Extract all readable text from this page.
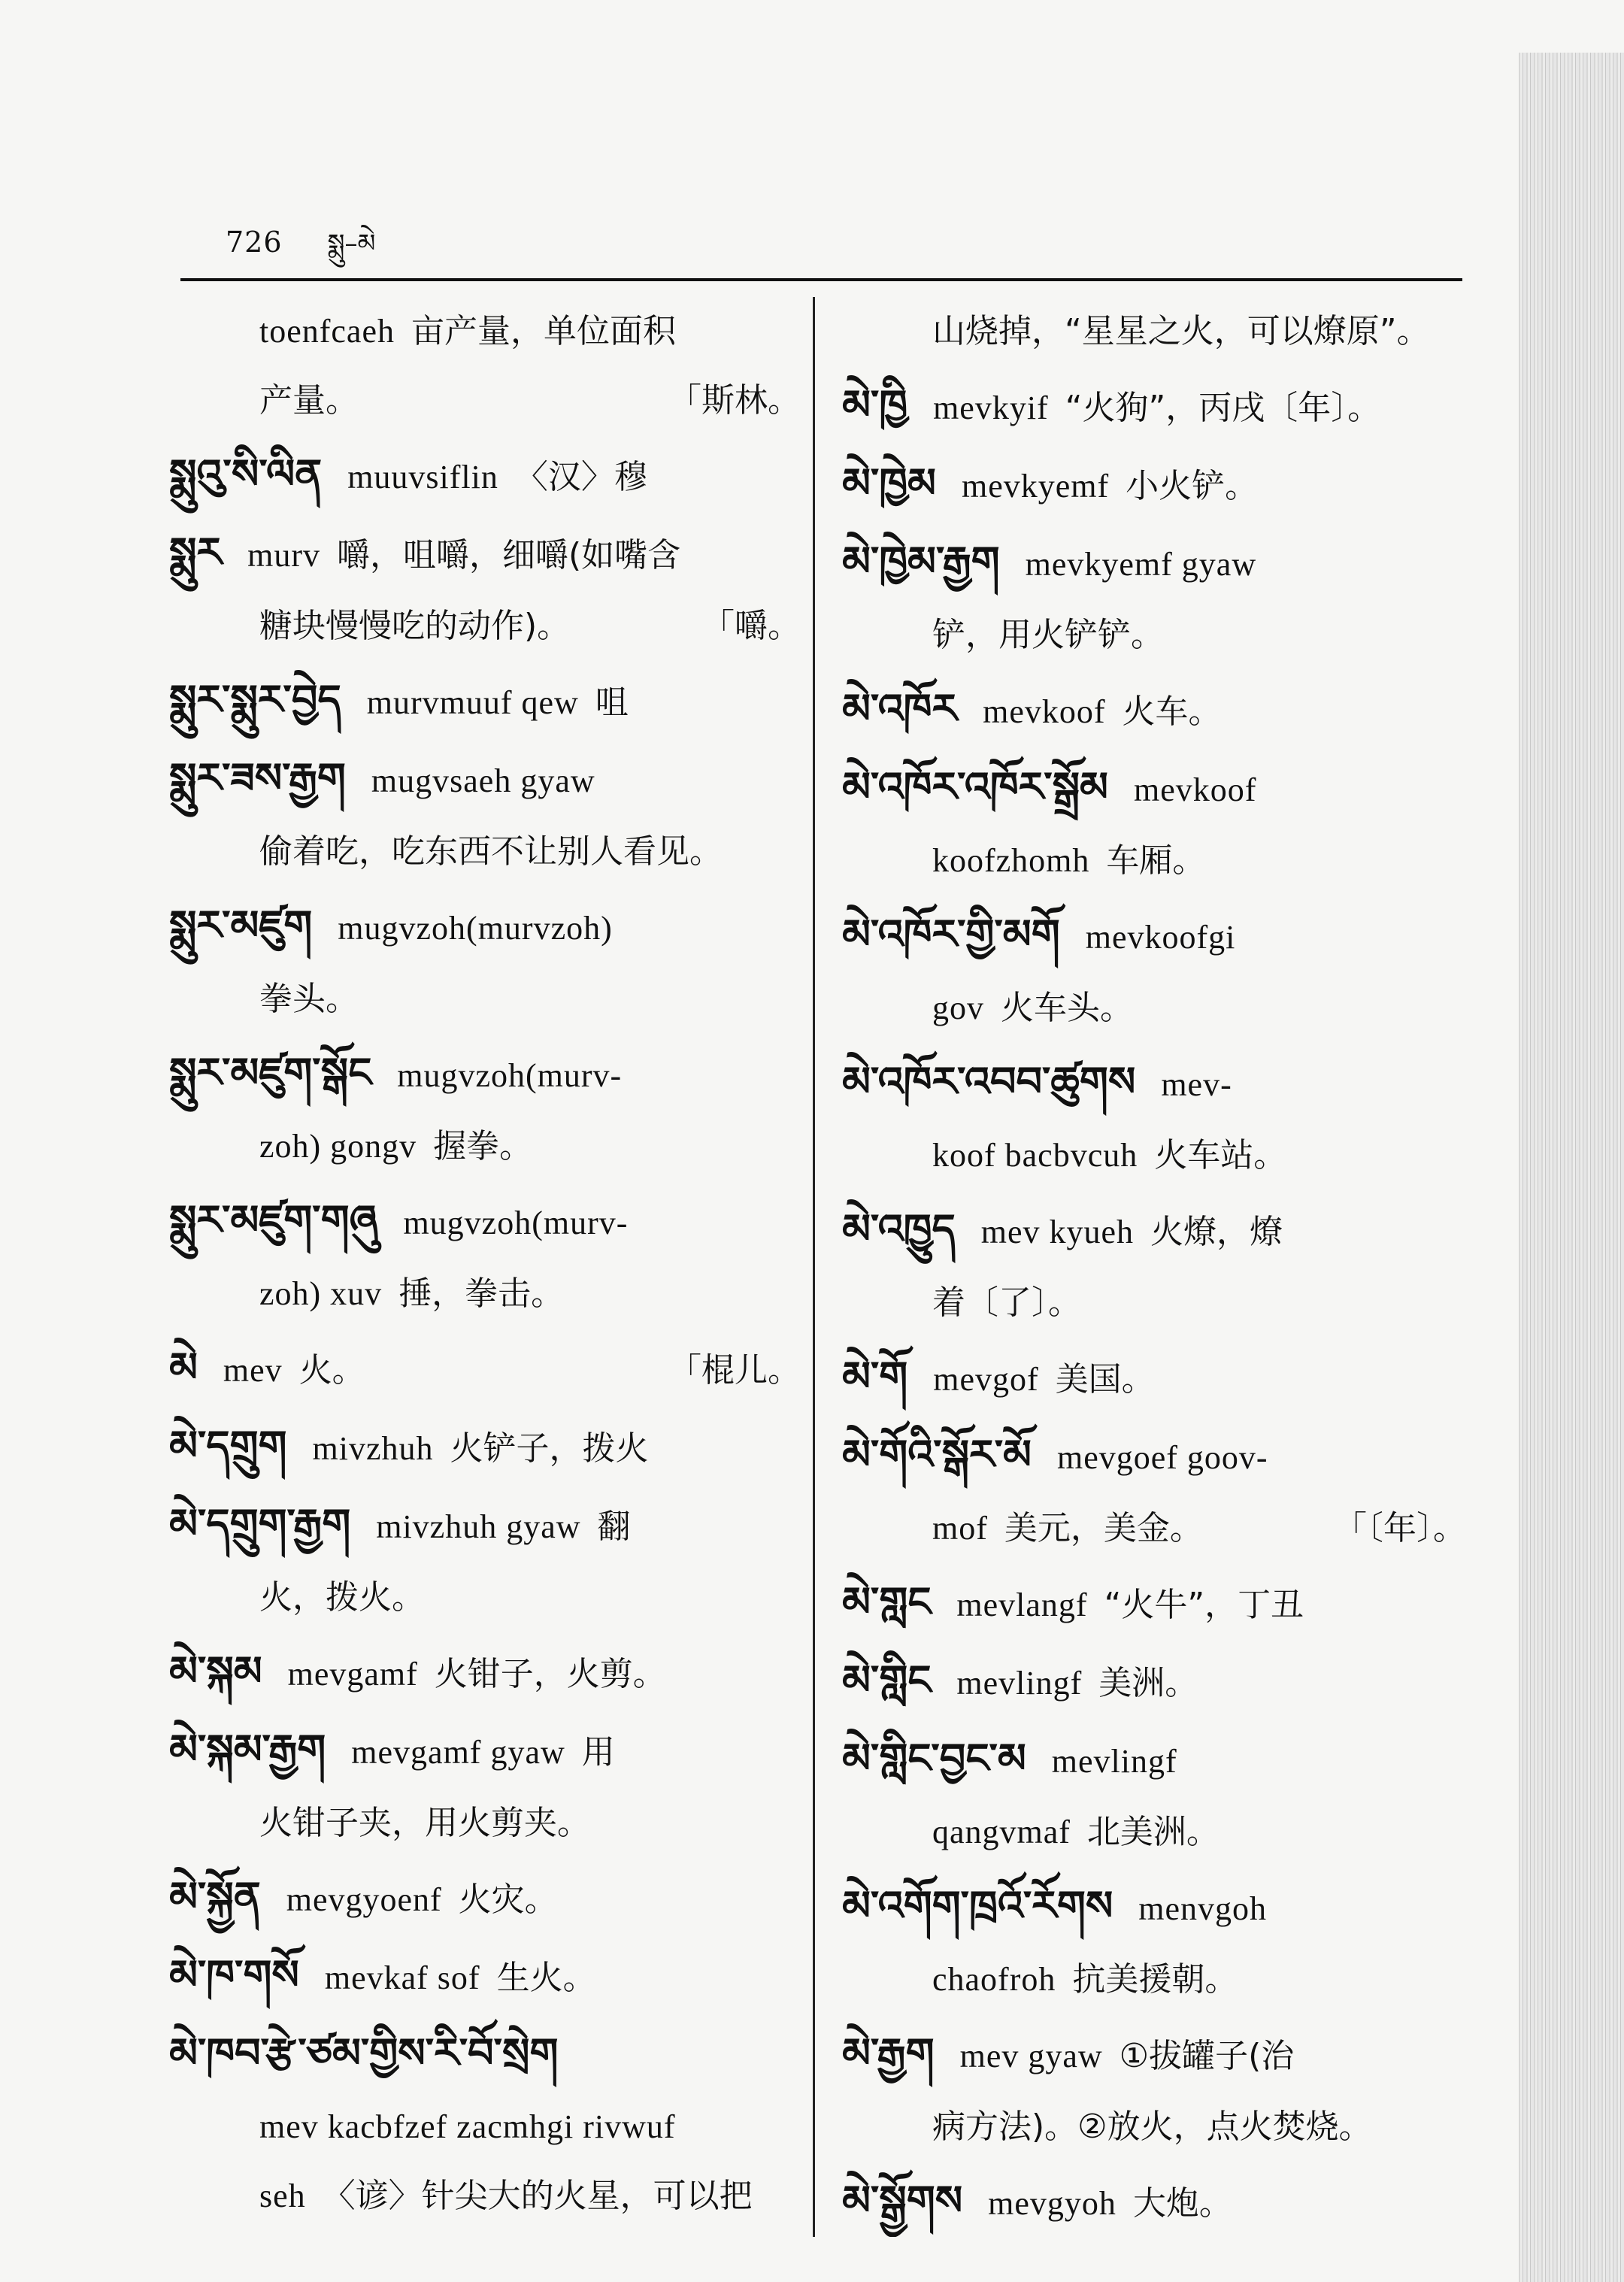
726 སྨུ–མེ
toenfcaeh 亩产量，单位面积
产量。	「斯林。
སྨུའུ་སི་ལིན muuvsiflin 〈汉〉穆
སྨུར murv 嚼，咀嚼，细嚼(如嘴含
糖块慢慢吃的动作)。	「嚼。
སྨུར་སྨུར་བྱེད murvmuuf qew 咀
སྨུར་ཟས་རྒྱག mugvsaeh gyaw
偷着吃，吃东西不让别人看见。
སྨུར་མཛུག mugvzoh(murvzoh)
拳头。
སྨུར་མཛུག་སྒོང mugvzoh(murv-
zoh) gongv 握拳。
སྨུར་མཛུག་གཞུ mugvzoh(murv-
zoh) xuv 捶，拳击。
མེ mev 火。	「棍儿。
མེ་དགྲུག mivzhuh 火铲子，拨火
མེ་དགྲུག་རྒྱག mivzhuh gyaw 翻
火，拨火。
མེ་སྐམ mevgamf 火钳子，火剪。
མེ་སྐམ་རྒྱག mevgamf gyaw 用
火钳子夹，用火剪夹。
མེ་སྐྱོན mevgyoenf 火灾。
མེ་ཁ་གསོ mevkaf sof 生火。
མེ་ཁབ་རྩེ་ཙམ་གྱིས་རི་བོ་སྲེག
mev kacbfzef zacmhgi rivwuf
seh 〈谚〉针尖大的火星，可以把
山烧掉，“星星之火，可以燎原”。
མེ་ཁྱི mevkyif “火狗”，丙戌〔年〕。
མེ་ཁྱེམ mevkyemf 小火铲。
མེ་ཁྱེམ་རྒྱག mevkyemf gyaw
铲，用火铲铲。
མེ་འཁོར mevkoof 火车。
མེ་འཁོར་འཁོར་སྒྲོམ mevkoof
koofzhomh 车厢。
མེ་འཁོར་གྱི་མགོ mevkoofgi
gov 火车头。
མེ་འཁོར་འབབ་ཚུགས mev-
koof bacbvcuh 火车站。
མེ་འཁྱུད mev kyueh 火燎，燎
着〔了〕。
མེ་གོ mevgof 美国。
མེ་གོའི་སྒོར་མོ mevgoef goov-
mof 美元，美金。	「〔年〕。
མེ་གླང mevlangf “火牛”，丁丑
མེ་གླིང mevlingf 美洲。
མེ་གླིང་བྱང་མ mevlingf
qangvmaf 北美洲。
མེ་འགོག་ཁྲའོ་རོགས menvgoh
chaofroh 抗美援朝。
མེ་རྒྱག mev gyaw ①拔罐子(治
病方法)。②放火，点火焚烧。
མེ་སྒྱོགས mevgyoh 大炮。
